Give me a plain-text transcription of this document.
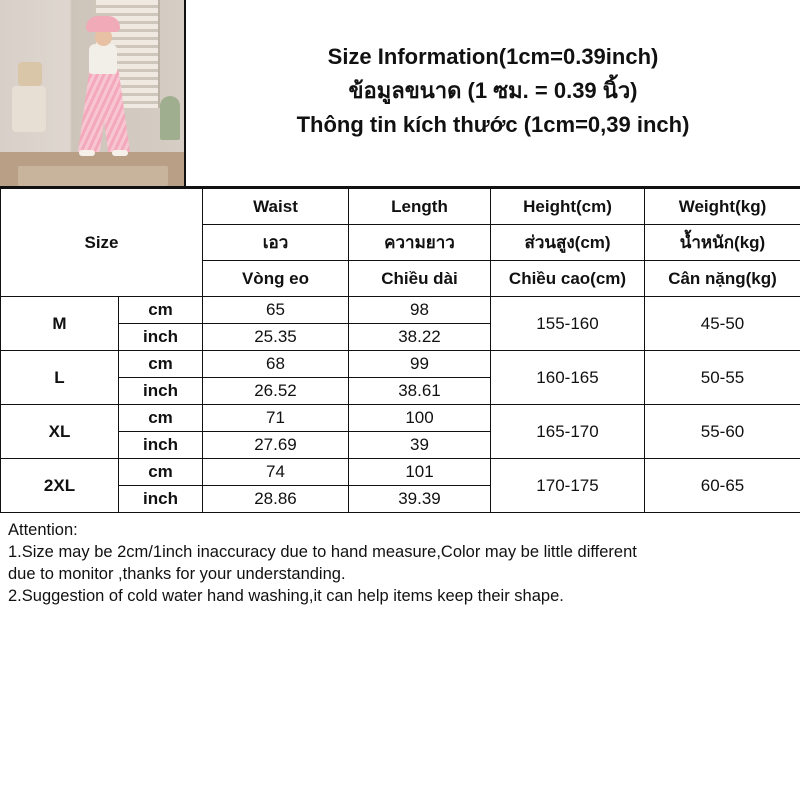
Size Information(1cm=0.39inch)
ข้อมูลขนาด (1 ซม. = 0.39 นิ้ว)
Thông tin kích thước (1cm=0,39 inch)
Size		Waist	Length	Height(cm)	Weight(kg)
		เอว	ความยาว	ส่วนสูง(cm)	น้ำหนัก(kg)
		Vòng eo	Chiều dài	Chiều cao(cm)	Cân nặng(kg)
M	cm	65	98	155-160	45-50
	inch	25.35	38.22		
L	cm	68	99	160-165	50-55
	inch	26.52	38.61		
XL	cm	71	100	165-170	55-60
	inch	27.69	39		
2XL	cm	74	101	170-175	60-65
	inch	28.86	39.39		
Attention:
1.Size may be 2cm/1inch inaccuracy due to hand measure,Color may be little different
due to monitor ,thanks for your understanding.
2.Suggestion of cold water hand washing,it can help items keep their shape.
